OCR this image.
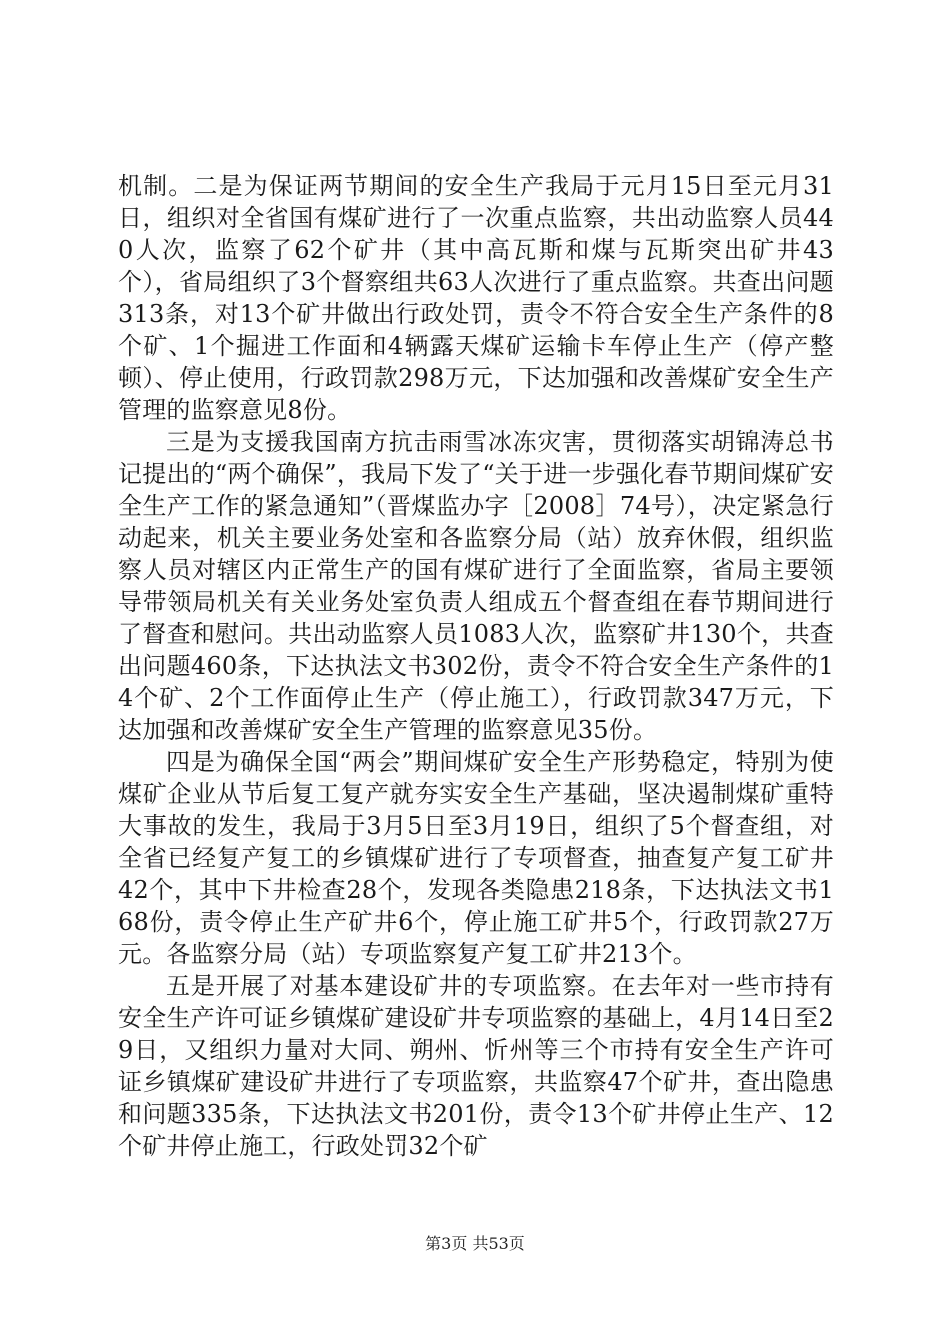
机制。二是为保证两节期间的安全生产我局于元月15日至元月31日，组织对全省国有煤矿进行了一次重点监察，共出动监察人员440人次，监察了62个矿井（其中高瓦斯和煤与瓦斯突出矿井43个），省局组织了3个督察组共63人次进行了重点监察。共查出问题313条，对13个矿井做出行政处罚，责令不符合安全生产条件的8个矿、1个掘进工作面和4辆露天煤矿运输卡车停止生产（停产整顿）、停止使用，行政罚款298万元，下达加强和改善煤矿安全生产管理的监察意见8份。

三是为支援我国南方抗击雨雪冰冻灾害，贯彻落实胡锦涛总书记提出的“两个确保”，我局下发了“关于进一步强化春节期间煤矿安全生产工作的紧急通知”（晋煤监办字［2008］74号），决定紧急行动起来，机关主要业务处室和各监察分局（站）放弃休假，组织监察人员对辖区内正常生产的国有煤矿进行了全面监察，省局主要领导带领局机关有关业务处室负责人组成五个督查组在春节期间进行了督查和慰问。共出动监察人员1083人次，监察矿井130个，共查出问题460条，下达执法文书302份，责令不符合安全生产条件的14个矿、2个工作面停止生产（停止施工），行政罚款347万元，下达加强和改善煤矿安全生产管理的监察意见35份。

四是为确保全国“两会”期间煤矿安全生产形势稳定，特别为使煤矿企业从节后复工复产就夯实安全生产基础，坚决遏制煤矿重特大事故的发生，我局于3月5日至3月19日，组织了5个督查组，对全省已经复产复工的乡镇煤矿进行了专项督查，抽查复产复工矿井42个，其中下井检查28个，发现各类隐患218条，下达执法文书168份，责令停止生产矿井6个，停止施工矿井5个，行政罚款27万元。各监察分局（站）专项监察复产复工矿井213个。

五是开展了对基本建设矿井的专项监察。在去年对一些市持有安全生产许可证乡镇煤矿建设矿井专项监察的基础上，4月14日至29日，又组织力量对大同、朔州、忻州等三个市持有安全生产许可证乡镇煤矿建设矿井进行了专项监察，共监察47个矿井，查出隐患和问题335条，下达执法文书201份，责令13个矿井停止生产、12个矿井停止施工，行政处罚32个矿

第3页 共53页
